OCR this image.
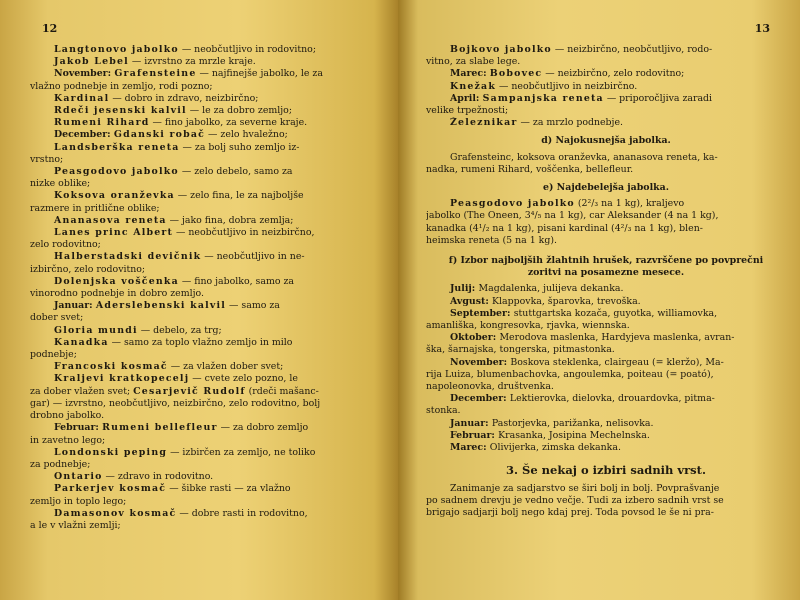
12
Langtonovo jabolko — neobčutljivo in rodovitno;
Jakob Lebel — izvrstno za mrzle kraje.
November: Grafensteine — najfinejše jabolko, le za
vlažno podnebje in zemljo, rodi pozno;
Kardinal — dobro in zdravo, neizbirčno;
Rdeči jesenski kalvil — le za dobro zemljo;
Rumeni Rihard — fino jabolko, za severne kraje.
December: Gdanski robač — zelo hvaležno;
Landsberška reneta — za bolj suho zemljo iz-
vrstno;
Peasgodovo jabolko — zelo debelo, samo za
nizke oblike;
Koksova oranževka — zelo fina, le za najboljše
razmere in pritlične oblike;
Ananasova reneta — jako fina, dobra zemlja;
Lanes princ Albert — neobčutljivo in neizbirčno,
zelo rodovitno;
Halberstadski devičnik — neobčutljivo in ne-
izbirčno, zelo rodovitno;
Dolenjska voščenka — fino jabolko, samo za
vinorodno podnebje in dobro zemljo.
Januar: Aderslebenski kalvil — samo za
dober svet;
Gloria mundi — debelo, za trg;
Kanadka — samo za toplo vlažno zemljo in milo
podnebje;
Francoski kosmač — za vlažen dober svet;
Kraljevi kratkopecelj — cvete zelo pozno, le
za dober vlažen svet; Cesarjevič Rudolf (rdeči mašanc-
gar) — izvrstno, neobčutljivo, neizbirčno, zelo rodovitno, bolj
drobno jabolko.
Februar: Rumeni bellefleur — za dobro zemljo
in zavetno lego;
Londonski peping — izbirčen za zemljo, ne toliko
za podnebje;
Ontario — zdravo in rodovitno.
Parkerjev kosmač — šibke rasti — za vlažno
zemljo in toplo lego;
Damasonov kosmač — dobre rasti in rodovitno,
a le v vlažni zemlji;
13
Bojkovo jabolko — neizbirčno, neobčutljivo, rodo-
vitno, za slabe lege.
Marec: Bobovec — neizbirčno, zelo rodovitno;
Knežak — neobčutljivo in neizbirčno.
April: Sampanjska reneta — priporočljiva zaradi
velike trpežnosti;
Železnikar — za mrzlo podnebje.
d) Najokusnejša jabolka.
Grafensteinc, koksova oranževka, ananasova reneta, ka-
nadka, rumeni Rihard, voščenka, bellefleur.
e) Najdebelejša jabolka.
Peasgodovo jabolko (2²/₃ na 1 kg), kraljevo
jabolko (The Oneen, 3⁴/₅ na 1 kg), car Aleksander (4 na 1 kg),
kanadka (4¹/₂ na 1 kg), pisani kardinal (4²/₃ na 1 kg), blen-
heimska reneta (5 na 1 kg).
f) Izbor najboljših žlahtnih hrušek, razvrščene po povprečni
zoritvi na posamezne mesece.
Julij: Magdalenka, julijeva dekanka.
Avgust: Klappovka, šparovka, trevoška.
September: stuttgartska kozača, guyotka, williamovka,
amanliška, kongresovka, rjavka, wiennska.
Oktober: Merodova maslenka, Hardyjeva maslenka, avran-
ška, šarnajska, tongerska, pitmastonka.
November: Boskova steklenka, clairgeau (= kleržo), Ma-
rija Luiza, blumenbachovka, angoulemka, poiteau (= poató),
napoleonovka, društvenka.
December: Lektierovka, dielovka, drouardovka, pitma-
stonka.
Januar: Pastorjevka, parižanka, nelisovka.
Februar: Krasanka, Josipina Mechelnska.
Marec: Olivijerka, zimska dekanka.
3. Še nekaj o izbiri sadnih vrst.
Zanimanje za sadjarstvo se širi bolj in bolj. Povprašvanje
po sadnem drevju je vedno večje. Tudi za izbero sadnih vrst se
brigajo sadjarji bolj nego kdaj prej. Toda povsod le še ni pra-
